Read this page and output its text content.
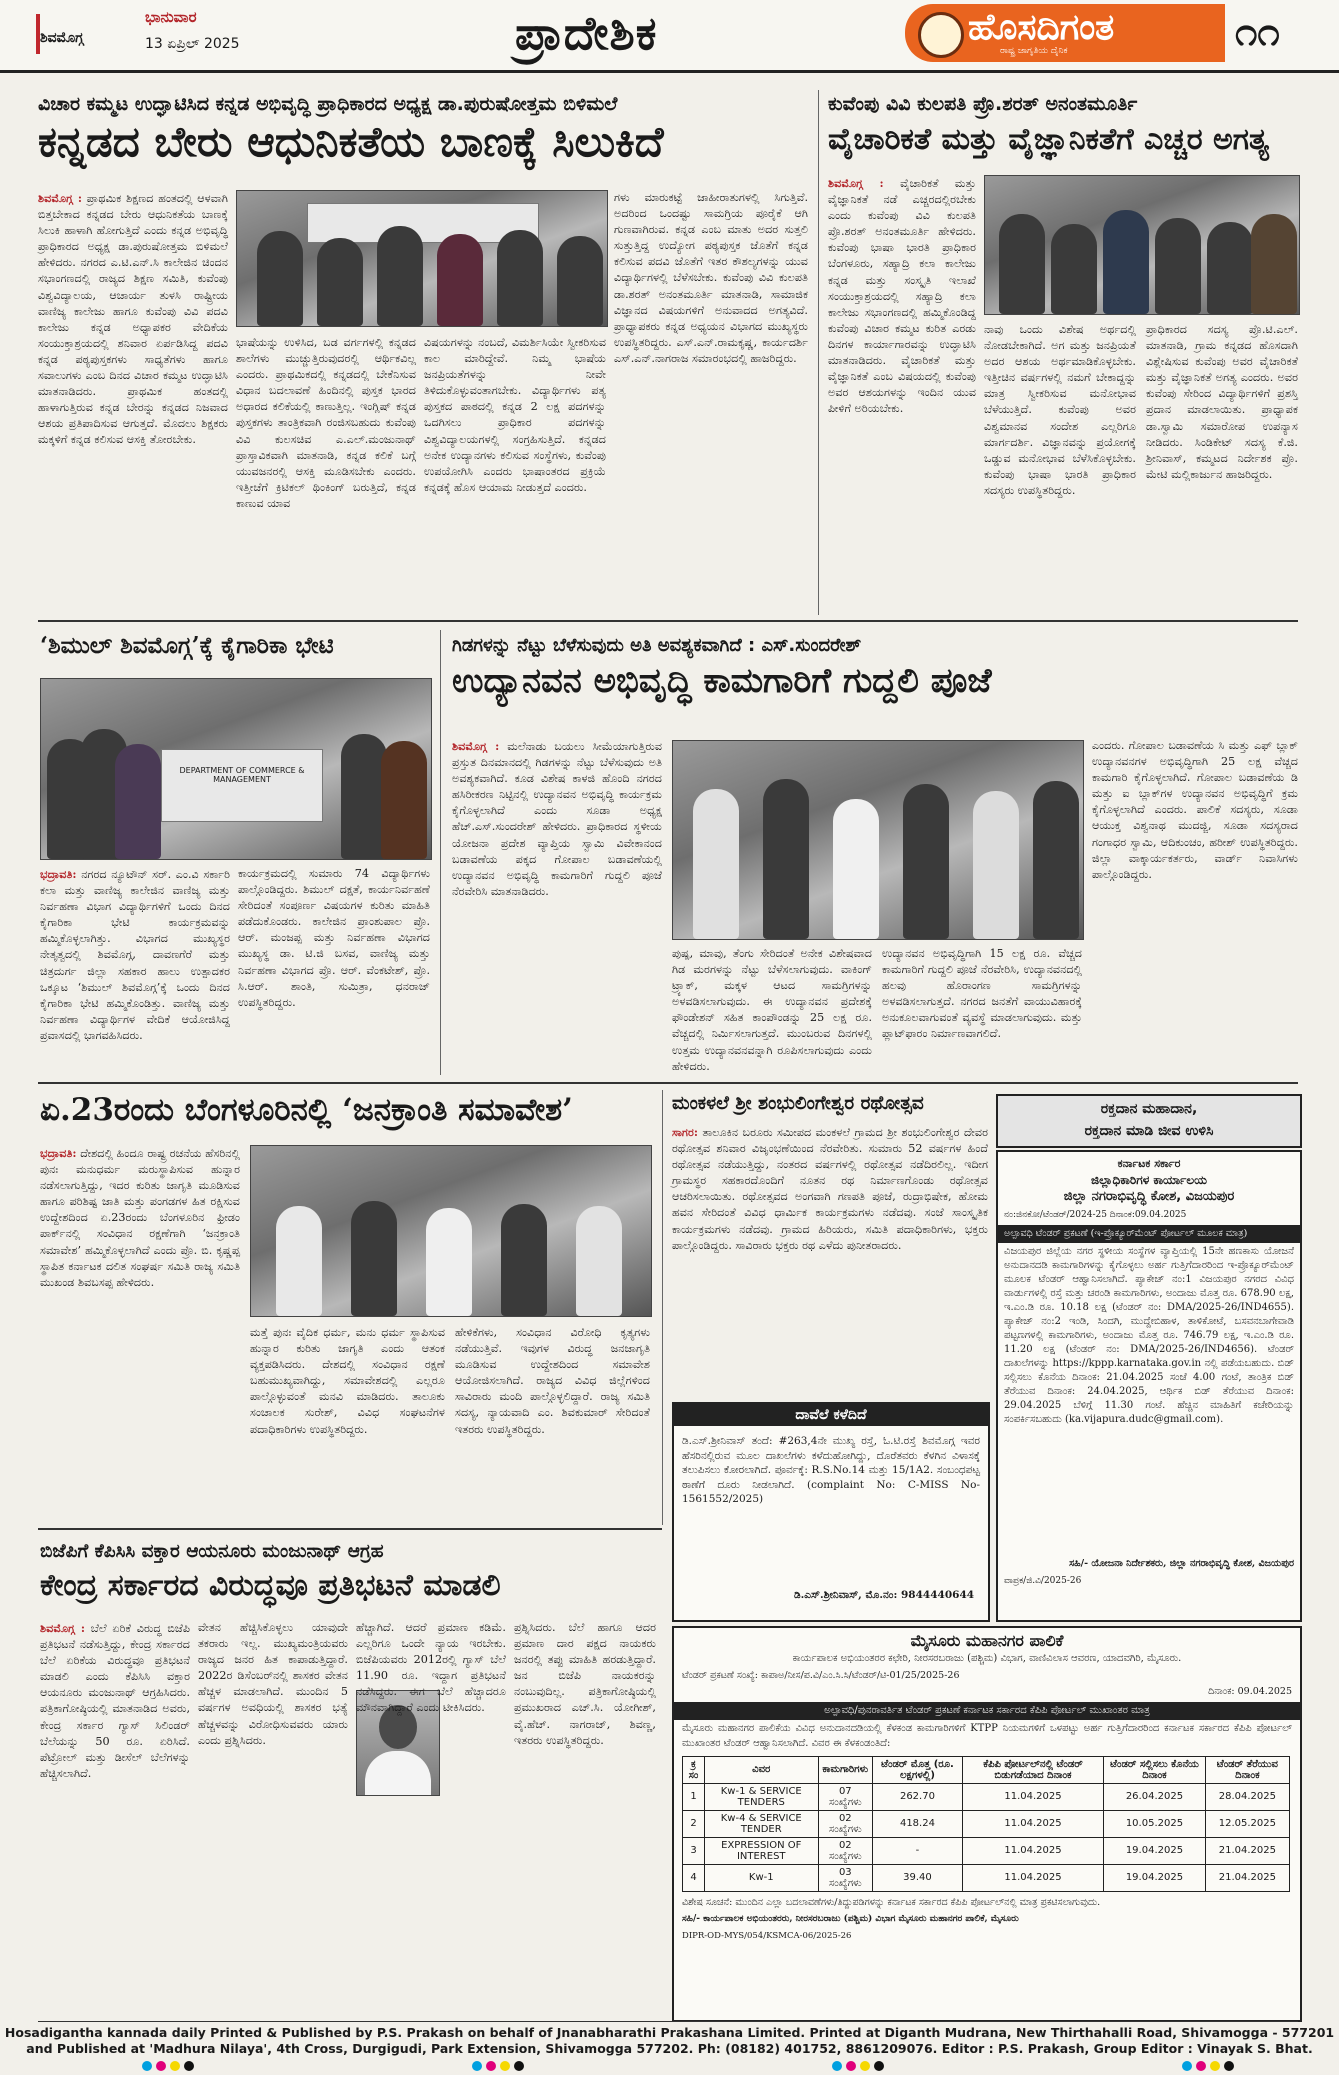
ಶಿವಮೊಗ್ಗ
ಭಾನುವಾರ
13 ಏಪ್ರಿಲ್ 2025	ಪ್ರಾದೇಶಿಕ	ಹೊಸದಿಗಂತ
ರಾಷ್ಟ್ರ ಜಾಗೃತಿಯ ದೈನಿಕ	೧೧
ವಿಚಾರ ಕಮ್ಮಟ ಉದ್ಘಾಟಿಸಿದ ಕನ್ನಡ ಅಭಿವೃದ್ಧಿ ಪ್ರಾಧಿಕಾರದ ಅಧ್ಯಕ್ಷ ಡಾ.ಪುರುಷೋತ್ತಮ ಬಿಳಿಮಲೆ
ಕನ್ನಡದ ಬೇರು ಆಧುನಿಕತೆಯ ಬಾಣಕ್ಕೆ ಸಿಲುಕಿದೆ
ಶಿವಮೊಗ್ಗ : ಪ್ರಾಥಮಿಕ ಶಿಕ್ಷಣದ ಹಂತದಲ್ಲಿ ಆಳವಾಗಿ ಬಿತ್ತಬೇಕಾದ ಕನ್ನಡದ ಬೇರು ಆಧುನಿಕತೆಯ ಬಾಣಕ್ಕೆ ಸಿಲುಕಿ ಹಾಳಾಗಿ ಹೋಗುತ್ತಿದೆ ಎಂದು ಕನ್ನಡ ಅಭಿವೃದ್ಧಿ ಪ್ರಾಧಿಕಾರದ ಅಧ್ಯಕ್ಷ ಡಾ.ಪುರುಷೋತ್ತಮ ಬಿಳಿಮಲೆ ಹೇಳಿದರು. ನಗರದ ಎ.ಟಿ.ಎನ್.ಸಿ ಕಾಲೇಜಿನ ಚಿಂದನ ಸಭಾಂಗಣದಲ್ಲಿ ರಾಜ್ಯದ ಶಿಕ್ಷಣ ಸಮಿತಿ, ಕುವೆಂಪು ವಿಶ್ವವಿದ್ಯಾಲಯ, ಆಚಾರ್ಯ ತುಳಸಿ ರಾಷ್ಟ್ರೀಯ ವಾಣಿಜ್ಯ ಕಾಲೇಜು ಹಾಗೂ ಕುವೆಂಪು ವಿವಿ ಪದವಿ ಕಾಲೇಜು ಕನ್ನಡ ಅಧ್ಯಾಪಕರ ವೇದಿಕೆಯ ಸಂಯುಕ್ತಾಶ್ರಯದಲ್ಲಿ ಶನಿವಾರ ಏರ್ಪಡಿಸಿದ್ದ ಪದವಿ ಕನ್ನಡ ಪಠ್ಯಪುಸ್ತಕಗಳು ಸಾಧ್ಯತೆಗಳು ಹಾಗೂ ಸವಾಲುಗಳು ಎಂಬ ದಿನದ ವಿಚಾರ ಕಮ್ಮಟ ಉದ್ಘಾಟಿಸಿ ಮಾತನಾಡಿದರು. ಪ್ರಾಥಮಿಕ ಹಂತದಲ್ಲಿ ಹಾಳಾಗುತ್ತಿರುವ ಕನ್ನಡ ಬೇರನ್ನು ಕನ್ನಡದ ನಿಜವಾದ ಆಶಯ ಪ್ರತಿಪಾದಿಸುವ ಆಗುತ್ತದೆ. ಮೊದಲು ಶಿಕ್ಷಕರು ಮಕ್ಕಳಿಗೆ ಕನ್ನಡ ಕಲಿಸುವ ಆಸಕ್ತಿ ತೋರಬೇಕು.
ಭಾಷೆಯನ್ನು ಉಳಿಸಿದ, ಬಡ ವರ್ಗಗಳಲ್ಲಿ ಕನ್ನಡದ ಶಾಲೆಗಳು ಮುಚ್ಚುತ್ತಿರುವುದರಲ್ಲಿ ಆರ್ಥಿಕವಿಲ್ಲ ಎಂದರು. ಪ್ರಾಥಮಿಕದಲ್ಲಿ ಕನ್ನಡದಲ್ಲಿ ಬೇಕೆನಿಸುವ ವಿಧಾನ ಬದಲಾವಣೆ ಹಿಂದಿನಲ್ಲಿ ಪುಸ್ತಕ ಭಾರದ ಅಧಾರದ ಕಲಿಕೆಯಲ್ಲಿ ಕಾಣುತ್ತಿಲ್ಲ. ಇಂಗ್ಲಿಷ್ ಕನ್ನಡ ಪುಸ್ತಕಗಳು ತಾಂತ್ರಿಕವಾಗಿ ರಂಜಿಸಬಹುದು ಕುವೆಂಪು ವಿವಿ ಕುಲಸಚಿವ ಎ.ಎಲ್.ಮಂಜುನಾಥ್ ಪ್ರಾಸ್ತಾವಿಕವಾಗಿ ಮಾತನಾಡಿ, ಕನ್ನಡ ಕಲಿಕೆ ಬಗ್ಗೆ ಯುವಜನರಲ್ಲಿ ಆಸಕ್ತಿ ಮೂಡಿಸಬೇಕು ಎಂದರು. ಇತ್ತೀಚೆಗೆ ಕ್ರಿಟಿಕಲ್ ಥಿಂಕಿಂಗ್ ಬರುತ್ತಿದೆ, ಕನ್ನಡ ಕಾಣುವ ಯಾವ
ವಿಷಯಗಳನ್ನು ನಂಬದೆ, ವಿಮರ್ಶಿಸಿಯೇ ಸ್ವೀಕರಿಸುವ ಕಾಲ ಮಾರಿದ್ದೇವೆ. ನಿಮ್ಮ ಭಾಷೆಯ ಜನಪ್ರಿಯತೆಗಳನ್ನು ನೀವೇ ತಿಳಿದುಕೊಳ್ಳುವಂತಾಗಬೇಕು. ವಿದ್ಯಾರ್ಥಿಗಳು ಪತ್ಯ ಪುಸ್ತಕದ ಪಾಠದಲ್ಲಿ ಕನ್ನಡ 2 ಲಕ್ಷ ಪದಗಳನ್ನು ಒದಗಿಸಲು ಪ್ರಾಧಿಕಾರ ಪದಗಳನ್ನು ವಿಶ್ವವಿದ್ಯಾಲಯಗಳಲ್ಲಿ ಸಂಗ್ರಹಿಸುತ್ತಿದೆ. ಕನ್ನಡದ ಅನೇಕ ಉದ್ಯಾನಗಳು ಕಲಿಸುವ ಸಂಸ್ಥೆಗಳು, ಕುವೆಂಪು ಉಪಯೋಗಿಸಿ ಎಂದರು ಭಾಷಾಂತರದ ಪ್ರಕ್ರಿಯೆ ಕನ್ನಡಕ್ಕೆ ಹೊಸ ಆಯಾಮ ನೀಡುತ್ತದೆ ಎಂದರು.
ಗಳು ಮಾರುಕಟ್ಟೆ ಜಾಹೀರಾತುಗಳಲ್ಲಿ ಸಿಗುತ್ತಿವೆ. ಅದರಿಂದ ಒಂದಷ್ಟು ಸಾಮಗ್ರಿಯ ಪೂರೈಕೆ ಆಗಿ ಗುಣವಾಗಿರುವ. ಕನ್ನಡ ಎಂಬ ಮಾತು ಅದರ ಸುತ್ತಲಿ ಸುತ್ತುತ್ತಿದ್ದ ಉದ್ಯೋಗ ಪಠ್ಯಪುಸ್ತಕ ಜೊತೆಗೆ ಕನ್ನಡ ಕಲಿಸುವ ಪದವಿ ಜೊತೆಗೆ ಇತರ ಕೌಶಲ್ಯಗಳನ್ನು ಯುವ ವಿದ್ಯಾರ್ಥಿಗಳಲ್ಲಿ ಬೆಳೆಸಬೇಕು. ಕುವೆಂಪು ವಿವಿ ಕುಲಪತಿ ಡಾ.ಶರತ್ ಅನಂತಮೂರ್ತಿ ಮಾತನಾಡಿ, ಸಾಮಾಜಿಕ ವಿಜ್ಞಾನದ ವಿಷಯಗಳಿಗೆ ಅನುವಾದದ ಅಗತ್ಯವಿದೆ. ಪ್ರಾಧ್ಯಾಪಕರು ಕನ್ನಡ ಅಧ್ಯಯನ ವಿಭಾಗದ ಮುಖ್ಯಸ್ಥರು ಉಪಸ್ಥಿತರಿದ್ದರು. ಎಸ್.ಎನ್.ರಾಮಕೃಷ್ಣ, ಕಾರ್ಯದರ್ಶಿ ಎಸ್.ಎನ್.ನಾಗರಾಜ ಸಮಾರಂಭದಲ್ಲಿ ಹಾಜರಿದ್ದರು.
ಕುವೆಂಪು ವಿವಿ ಕುಲಪತಿ ಪ್ರೊ.ಶರತ್ ಅನಂತಮೂರ್ತಿ
ವೈಚಾರಿಕತೆ ಮತ್ತು ವೈಜ್ಞಾನಿಕತೆಗೆ ಎಚ್ಚರ ಅಗತ್ಯ
ಶಿವಮೊಗ್ಗ : ವೈಚಾರಿಕತೆ ಮತ್ತು ವೈಜ್ಞಾನಿಕತೆ ನಡೆ ಎಚ್ಚರದಲ್ಲಿರಬೇಕು ಎಂದು ಕುವೆಂಪು ವಿವಿ ಕುಲಪತಿ ಪ್ರೊ.ಶರತ್ ಅನಂತಮೂರ್ತಿ ಹೇಳಿದರು. ಕುವೆಂಪು ಭಾಷಾ ಭಾರತಿ ಪ್ರಾಧಿಕಾರ ಬೆಂಗಳೂರು, ಸಹ್ಯಾದ್ರಿ ಕಲಾ ಕಾಲೇಜು ಕನ್ನಡ ಮತ್ತು ಸಂಸ್ಕೃತಿ ಇಲಾಖೆ ಸಂಯುಕ್ತಾಶ್ರಯದಲ್ಲಿ ಸಹ್ಯಾದ್ರಿ ಕಲಾ ಕಾಲೇಜು ಸಭಾಂಗಣದಲ್ಲಿ ಹಮ್ಮಿಕೊಂಡಿದ್ದ ಕುವೆಂಪು ವಿಚಾರ ಕಮ್ಮಟ ಕುರಿತ ಎರಡು ದಿನಗಳ ಕಾರ್ಯಾಗಾರವನ್ನು ಉದ್ಘಾಟಿಸಿ ಮಾತನಾಡಿದರು. ವೈಚಾರಿಕತೆ ಮತ್ತು ವೈಜ್ಞಾನಿಕತೆ ಎಂಬ ವಿಷಯದಲ್ಲಿ ಕುವೆಂಪು ಅವರ ಆಶಯಗಳನ್ನು ಇಂದಿನ ಯುವ ಪೀಳಿಗೆ ಅರಿಯಬೇಕು.
ನಾವು ಒಂದು ವಿಶೇಷ ಅರ್ಥದಲ್ಲಿ ನೋಡಬೇಕಾಗಿದೆ. ಅಗ ಮತ್ತು ಜನಪ್ರಿಯತೆ ಅದರ ಆಶಯ ಅರ್ಥಮಾಡಿಕೊಳ್ಳಬೇಕು. ಇತ್ತೀಚಿನ ವರ್ಷಗಳಲ್ಲಿ ನಮಗೆ ಬೇಕಾದ್ದನ್ನು ಮಾತ್ರ ಸ್ವೀಕರಿಸುವ ಮನೋಭಾವ ಬೆಳೆಯುತ್ತಿದೆ. ಕುವೆಂಪು ಅವರ ವಿಶ್ವಮಾನವ ಸಂದೇಶ ಎಲ್ಲರಿಗೂ ಮಾರ್ಗದರ್ಶಿ. ವಿಜ್ಞಾನವನ್ನು ಪ್ರಯೋಗಕ್ಕೆ ಒಡ್ಡುವ ಮನೋಭಾವ ಬೆಳೆಸಿಕೊಳ್ಳಬೇಕು. ಕುವೆಂಪು ಭಾಷಾ ಭಾರತಿ ಪ್ರಾಧಿಕಾರ ಸದಸ್ಯರು ಉಪಸ್ಥಿತರಿದ್ದರು.
ಪ್ರಾಧಿಕಾರದ ಸದಸ್ಯ ಪ್ರೊ.ಟಿ.ಎಲ್. ಮಾತನಾಡಿ, ಗ್ರಾಮ ಕನ್ನಡದ ಹೊಸದಾಗಿ ವಿಶ್ಲೇಷಿಸುವ ಕುವೆಂಪು ಅವರ ವೈಚಾರಿಕತೆ ಮತ್ತು ವೈಜ್ಞಾನಿಕತೆ ಅಗತ್ಯ ಎಂದರು. ಅವರ ಕುವೆಂಪು ಸೇರಿಂದ ವಿದ್ಯಾರ್ಥಿಗಳಿಗೆ ಪ್ರಶಸ್ತಿ ಪ್ರದಾನ ಮಾಡಲಾಯಿತು. ಪ್ರಾಧ್ಯಾಪಕ ಡಾ.ಸ್ವಾಮಿ ಸಮಾರೋಪ ಉಪನ್ಯಾಸ ನೀಡಿದರು. ಸಿಂಡಿಕೇಟ್ ಸದಸ್ಯ ಕೆ.ಜಿ. ಶ್ರೀನಿವಾಸ್, ಕಮ್ಮಟದ ನಿರ್ದೇಶಕ ಪ್ರೊ. ಮೇಟಿ ಮಲ್ಲಿಕಾರ್ಜುನ ಹಾಜರಿದ್ದರು.
‘ಶಿಮುಲ್ ಶಿವಮೊಗ್ಗ’ಕ್ಕೆ ಕೈಗಾರಿಕಾ ಭೇಟಿ
DEPARTMENT OF COMMERCE & MANAGEMENT
ಭದ್ರಾವತಿ: ನಗರದ ನ್ಯೂಟೌನ್ ಸರ್. ಎಂ.ವಿ ಸರ್ಕಾರಿ ಕಲಾ ಮತ್ತು ವಾಣಿಜ್ಯ ಕಾಲೇಜಿನ ವಾಣಿಜ್ಯ ಮತ್ತು ನಿರ್ವಹಣಾ ವಿಭಾಗ ವಿದ್ಯಾರ್ಥಿಗಳಿಗೆ ಒಂದು ದಿನದ ಕೈಗಾರಿಕಾ ಭೇಟಿ ಕಾರ್ಯಕ್ರಮವನ್ನು ಹಮ್ಮಿಕೊಳ್ಳಲಾಗಿತ್ತು. ವಿಭಾಗದ ಮುಖ್ಯಸ್ಥರ ನೇತೃತ್ವದಲ್ಲಿ ಶಿವಮೊಗ್ಗ, ದಾವಣಗೆರೆ ಮತ್ತು ಚಿತ್ರದುರ್ಗ ಜಿಲ್ಲಾ ಸಹಕಾರ ಹಾಲು ಉತ್ಪಾದಕರ ಒಕ್ಕೂಟ ‘ಶಿಮುಲ್ ಶಿವಮೊಗ್ಗ’ಕ್ಕೆ ಒಂದು ದಿನದ ಕೈಗಾರಿಕಾ ಭೇಟಿ ಹಮ್ಮಿಕೊಂಡಿತ್ತು. ವಾಣಿಜ್ಯ ಮತ್ತು ನಿರ್ವಹಣಾ ವಿದ್ಯಾರ್ಥಿಗಳ ವೇದಿಕೆ ಆಯೋಜಿಸಿದ್ದ ಪ್ರವಾಸದಲ್ಲಿ ಭಾಗವಹಿಸಿದರು.
ಕಾರ್ಯಕ್ರಮದಲ್ಲಿ ಸುಮಾರು 74 ವಿದ್ಯಾರ್ಥಿಗಳು ಪಾಲ್ಗೊಂಡಿದ್ದರು. ಶಿಮುಲ್ ದಕ್ಷತೆ, ಕಾರ್ಯನಿರ್ವಹಣೆ ಸೇರಿದಂತೆ ಸಂಪೂರ್ಣ ವಿಷಯಗಳ ಕುರಿತು ಮಾಹಿತಿ ಪಡೆದುಕೊಂಡರು. ಕಾಲೇಜಿನ ಪ್ರಾಂಶುಪಾಲ ಪ್ರೊ. ಆರ್. ಮಂಜಪ್ಪ ಮತ್ತು ನಿರ್ವಹಣಾ ವಿಭಾಗದ ಮುಖ್ಯಸ್ಥ ಡಾ. ಟಿ.ಜಿ ಬಸವ, ವಾಣಿಜ್ಯ ಮತ್ತು ನಿರ್ವಹಣಾ ವಿಭಾಗದ ಪ್ರೊ. ಆರ್. ವೆಂಕಟೇಶ್, ಪ್ರೊ. ಸಿ.ಆರ್. ಶಾಂತಿ, ಸುಮಿತ್ರಾ, ಧನರಾಜ್ ಉಪಸ್ಥಿತರಿದ್ದರು.
ಗಿಡಗಳನ್ನು ನೆಟ್ಟು ಬೆಳೆಸುವುದು ಅತಿ ಅವಶ್ಯಕವಾಗಿದೆ : ಎಸ್.ಸುಂದರೇಶ್
ಉದ್ಯಾನವನ ಅಭಿವೃದ್ಧಿ ಕಾಮಗಾರಿಗೆ ಗುದ್ದಲಿ ಪೂಜೆ
ಶಿವಮೊಗ್ಗ : ಮಲೆನಾಡು ಬಯಲು ಸೀಮೆಯಾಗುತ್ತಿರುವ ಪ್ರಸ್ತುತ ದಿನಮಾನದಲ್ಲಿ ಗಿಡಗಳನ್ನು ನೆಟ್ಟು ಬೆಳೆಸುವುದು ಅತಿ ಅವಶ್ಯಕವಾಗಿದೆ. ಕೂಡ ವಿಶೇಷ ಕಾಳಜಿ ಹೊಂದಿ ನಗರದ ಹಸಿರೀಕರಣ ನಿಟ್ಟಿನಲ್ಲಿ ಉದ್ಯಾನವನ ಅಭಿವೃದ್ಧಿ ಕಾರ್ಯಕ್ರಮ ಕೈಗೊಳ್ಳಲಾಗಿದೆ ಎಂದು ಸೂಡಾ ಅಧ್ಯಕ್ಷ ಹೆಚ್.ಎಸ್.ಸುಂದರೇಶ್ ಹೇಳಿದರು. ಪ್ರಾಧಿಕಾರದ ಸ್ಥಳೀಯ ಯೋಜನಾ ಪ್ರದೇಶ ವ್ಯಾಪ್ತಿಯ ಸ್ವಾಮಿ ವಿವೇಕಾನಂದ ಬಡಾವಣೆಯ ಪಕ್ಕದ ಗೋಪಾಲ ಬಡಾವಣೆಯಲ್ಲಿ ಉದ್ಯಾನವನ ಅಭಿವೃದ್ಧಿ ಕಾಮಗಾರಿಗೆ ಗುದ್ದಲಿ ಪೂಜೆ ನೆರವೇರಿಸಿ ಮಾತನಾಡಿದರು.
ಪುಷ್ಪ, ಮಾವು, ತೆಂಗು ಸೇರಿದಂತೆ ಅನೇಕ ವಿಶೇಷವಾದ ಗಿಡ ಮರಗಳನ್ನು ನೆಟ್ಟು ಬೆಳೆಸಲಾಗುವುದು. ವಾಕಿಂಗ್ ಟ್ರ್ಯಾಕ್, ಮಕ್ಕಳ ಆಟದ ಸಾಮಗ್ರಿಗಳನ್ನು ಅಳವಡಿಸಲಾಗುವುದು. ಈ ಉದ್ಯಾನವನ ಪ್ರದೇಶಕ್ಕೆ ಫೌಂಡೇಶನ್ ಸಹಿತ ಕಾಂಪೌಂಡನ್ನು 25 ಲಕ್ಷ ರೂ. ವೆಚ್ಚದಲ್ಲಿ ನಿರ್ಮಿಸಲಾಗುತ್ತದೆ. ಮುಂಬರುವ ದಿನಗಳಲ್ಲಿ ಉತ್ತಮ ಉದ್ಯಾನವನವನ್ನಾಗಿ ರೂಪಿಸಲಾಗುವುದು ಎಂದು ಹೇಳಿದರು.
ಉದ್ಯಾನವನ ಅಭಿವೃದ್ಧಿಗಾಗಿ 15 ಲಕ್ಷ ರೂ. ವೆಚ್ಚದ ಕಾಮಗಾರಿಗೆ ಗುದ್ದಲಿ ಪೂಜೆ ನೆರವೇರಿಸಿ, ಉದ್ಯಾನವನದಲ್ಲಿ ಹಲವು ಹೊರಾಂಗಣ ಸಾಮಗ್ರಿಗಳನ್ನು ಅಳವಡಿಸಲಾಗುತ್ತದೆ. ನಗರದ ಜನತೆಗೆ ವಾಯುವಿಹಾರಕ್ಕೆ ಅನುಕೂಲವಾಗುವಂತೆ ವ್ಯವಸ್ಥೆ ಮಾಡಲಾಗುವುದು. ಮತ್ತು ಪ್ಲಾಟ್‌ಫಾರಂ ನಿರ್ಮಾಣವಾಗಲಿದೆ.
ಎಂದರು. ಗೋಪಾಲ ಬಡಾವಣೆಯ ಸಿ ಮತ್ತು ಎಫ್ ಬ್ಲಾಕ್ ಉದ್ಯಾನವನಗಳ ಅಭಿವೃದ್ಧಿಗಾಗಿ 25 ಲಕ್ಷ ವೆಚ್ಚದ ಕಾಮಗಾರಿ ಕೈಗೊಳ್ಳಲಾಗಿದೆ. ಗೋಪಾಲ ಬಡಾವಣೆಯ ಡಿ ಮತ್ತು ಐ ಬ್ಲಾಕ್‌ಗಳ ಉದ್ಯಾನವನ ಅಭಿವೃದ್ಧಿಗೆ ಕ್ರಮ ಕೈಗೊಳ್ಳಲಾಗಿದೆ ಎಂದರು. ಪಾಲಿಕೆ ಸದಸ್ಯರು, ಸೂಡಾ ಆಯುಕ್ತ ವಿಶ್ವನಾಥ ಮುದಜ್ಜಿ, ಸೂಡಾ ಸದಸ್ಯರಾದ ಗಂಗಾಧರ ಸ್ವಾಮಿ, ಆದಿಕುಂಚಂ, ಹರೀಶ್ ಉಪಸ್ಥಿತರಿದ್ದರು. ಜಿಲ್ಲಾ ವಾಕ್ಕಾರ್ಯಕರ್ತರು, ವಾರ್ಡ್ ನಿವಾಸಿಗಳು ಪಾಲ್ಗೊಂಡಿದ್ದರು.
ಏ.23ರಂದು ಬೆಂಗಳೂರಿನಲ್ಲಿ ‘ಜನಕ್ರಾಂತಿ ಸಮಾವೇಶ’
ಭದ್ರಾವತಿ: ದೇಶದಲ್ಲಿ ಹಿಂದೂ ರಾಷ್ಟ್ರ ರಚನೆಯ ಹೆಸರಿನಲ್ಲಿ ಪುನಃ ಮನುಧರ್ಮ ಮರುಸ್ಥಾಪಿಸುವ ಹುನ್ನಾರ ನಡೆಸಲಾಗುತ್ತಿದ್ದು, ಇದರ ಕುರಿತು ಜಾಗೃತಿ ಮೂಡಿಸುವ ಹಾಗೂ ಪರಿಶಿಷ್ಟ ಜಾತಿ ಮತ್ತು ಪಂಗಡಗಳ ಹಿತ ರಕ್ಷಿಸುವ ಉದ್ದೇಶದಿಂದ ಏ.23ರಂದು ಬೆಂಗಳೂರಿನ ಫ್ರೀಡಂ ಪಾರ್ಕ್‌ನಲ್ಲಿ ಸಂವಿಧಾನ ರಕ್ಷಣೆಗಾಗಿ ‘ಜನಕ್ರಾಂತಿ ಸಮಾವೇಶ’ ಹಮ್ಮಿಕೊಳ್ಳಲಾಗಿದೆ ಎಂದು ಪ್ರೊ. ಬಿ. ಕೃಷ್ಣಪ್ಪ ಸ್ಥಾಪಿತ ಕರ್ನಾಟಕ ದಲಿತ ಸಂಘರ್ಷ ಸಮಿತಿ ರಾಜ್ಯ ಸಮಿತಿ ಮುಖಂಡ ಶಿವಬಸಪ್ಪ ಹೇಳಿದರು.
ಮತ್ತೆ ಪುನಃ ವೈದಿಕ ಧರ್ಮ, ಮನು ಧರ್ಮ ಸ್ಥಾಪಿಸುವ ಹುನ್ನಾರ ಕುರಿತು ಜಾಗೃತಿ ಎಂದು ಆತಂಕ ವ್ಯಕ್ತಪಡಿಸಿದರು. ದೇಶದಲ್ಲಿ ಸಂವಿಧಾನ ರಕ್ಷಣೆ ಬಹುಮುಖ್ಯವಾಗಿದ್ದು, ಸಮಾವೇಶದಲ್ಲಿ ಎಲ್ಲರೂ ಪಾಲ್ಗೊಳ್ಳುವಂತೆ ಮನವಿ ಮಾಡಿದರು. ತಾಲೂಕು ಸಂಚಾಲಕ ಸುರೇಶ್, ವಿವಿಧ ಸಂಘಟನೆಗಳ ಪದಾಧಿಕಾರಿಗಳು ಉಪಸ್ಥಿತರಿದ್ದರು.
ಹೇಳಿಕೆಗಳು, ಸಂವಿಧಾನ ವಿರೋಧಿ ಕೃತ್ಯಗಳು ನಡೆಯುತ್ತಿವೆ. ಇವುಗಳ ವಿರುದ್ಧ ಜನಜಾಗೃತಿ ಮೂಡಿಸುವ ಉದ್ದೇಶದಿಂದ ಸಮಾವೇಶ ಆಯೋಜಿಸಲಾಗಿದೆ. ರಾಜ್ಯದ ವಿವಿಧ ಜಿಲ್ಲೆಗಳಿಂದ ಸಾವಿರಾರು ಮಂದಿ ಪಾಲ್ಗೊಳ್ಳಲಿದ್ದಾರೆ. ರಾಜ್ಯ ಸಮಿತಿ ಸದಸ್ಯ, ನ್ಯಾಯವಾದಿ ಎಂ. ಶಿವಕುಮಾರ್ ಸೇರಿದಂತೆ ಇತರರು ಉಪಸ್ಥಿತರಿದ್ದರು.
ಮಂಕಳಲೆ ಶ್ರೀ ಶಂಭುಲಿಂಗೇಶ್ವರ ರಥೋತ್ಸವ
ಸಾಗರ: ತಾಲೂಕಿನ ಬರೂರು ಸಮೀಪದ ಮಂಕಳಲೆ ಗ್ರಾಮದ ಶ್ರೀ ಶಂಭುಲಿಂಗೇಶ್ವರ ದೇವರ ರಥೋತ್ಸವ ಶನಿವಾರ ವಿಜೃಂಭಣೆಯಿಂದ ನೆರವೇರಿತು. ಸುಮಾರು 52 ವರ್ಷಗಳ ಹಿಂದೆ ರಥೋತ್ಸವ ನಡೆಯುತ್ತಿದ್ದು, ನಂತರದ ವರ್ಷಗಳಲ್ಲಿ ರಥೋತ್ಸವ ನಡೆದಿರಲಿಲ್ಲ. ಇದೀಗ ಗ್ರಾಮಸ್ಥರ ಸಹಕಾರದೊಂದಿಗೆ ನೂತನ ರಥ ನಿರ್ಮಾಣಗೊಂಡು ರಥೋತ್ಸವ ಆಚರಿಸಲಾಯಿತು. ರಥೋತ್ಸವದ ಅಂಗವಾಗಿ ಗಣಪತಿ ಪೂಜೆ, ರುದ್ರಾಭಿಷೇಕ, ಹೋಮ ಹವನ ಸೇರಿದಂತೆ ವಿವಿಧ ಧಾರ್ಮಿಕ ಕಾರ್ಯಕ್ರಮಗಳು ನಡೆದವು. ಸಂಜೆ ಸಾಂಸ್ಕೃತಿಕ ಕಾರ್ಯಕ್ರಮಗಳು ನಡೆದವು. ಗ್ರಾಮದ ಹಿರಿಯರು, ಸಮಿತಿ ಪದಾಧಿಕಾರಿಗಳು, ಭಕ್ತರು ಪಾಲ್ಗೊಂಡಿದ್ದರು. ಸಾವಿರಾರು ಭಕ್ತರು ರಥ ಎಳೆದು ಪುನೀತರಾದರು.
ದಾವೆಲೆ ಕಳೆದಿದೆ
ಡಿ.ಎಸ್.ಶ್ರೀನಿವಾಸ್ ತಂದೆ: #263,4ನೇ ಮುಖ್ಯ ರಸ್ತೆ, ಓ.ಟಿ.ರಸ್ತೆ ಶಿವಮೊಗ್ಗ ಇವರ ಹೆಸರಿನಲ್ಲಿರುವ ಮೂಲ ದಾಖಲೆಗಳು ಕಳೆದುಹೋಗಿದ್ದು, ದೊರೆತವರು ಕೆಳಗಿನ ವಿಳಾಸಕ್ಕೆ ತಲುಪಿಸಲು ಕೋರಲಾಗಿದೆ. ಪೂರ್ವಕ್ಕೆ: R.S.No.14 ಮತ್ತು 15/1A2. ಸಂಬಂಧಪಟ್ಟ ಠಾಣೆಗೆ ದೂರು ನೀಡಲಾಗಿದೆ. (complaint No: C-MISS No-1561552/2025)
ಡಿ.ಎಸ್.ಶ್ರೀನಿವಾಸ್, ಮೊ.ನಂ: 9844440644
ರಕ್ತದಾನ ಮಹಾದಾನ,
ರಕ್ತದಾನ ಮಾಡಿ ಜೀವ ಉಳಿಸಿ
ಕರ್ನಾಟಕ ಸರ್ಕಾರ
ಜಿಲ್ಲಾಧಿಕಾರಿಗಳ ಕಾರ್ಯಾಲಯ
ಜಿಲ್ಲಾ ನಗರಾಭಿವೃದ್ಧಿ ಕೋಶ, ವಿಜಯಪುರ
ನಂ:ಜಿನಕೋ/ಟೆಂಡರ್/2024-25 ದಿನಾಂಕ:09.04.2025
ಅಲ್ಪಾವಧಿ ಟೆಂಡರ್ ಪ್ರಕಟಣೆ (ಇ-ಪ್ರೊಕ್ಯೂರ್‌ಮೆಂಟ್ ಪೋರ್ಟಲ್ ಮೂಲಕ ಮಾತ್ರ)
ವಿಜಯಪುರ ಜಿಲ್ಲೆಯ ನಗರ ಸ್ಥಳೀಯ ಸಂಸ್ಥೆಗಳ ವ್ಯಾಪ್ತಿಯಲ್ಲಿ 15ನೇ ಹಣಕಾಸು ಯೋಜನೆ ಅನುದಾನದಡಿ ಕಾಮಗಾರಿಗಳನ್ನು ಕೈಗೊಳ್ಳಲು ಅರ್ಹ ಗುತ್ತಿಗೆದಾರರಿಂದ ಇ-ಪ್ರೊಕ್ಯೂರ್‌ಮೆಂಟ್ ಮೂಲಕ ಟೆಂಡರ್ ಆಹ್ವಾನಿಸಲಾಗಿದೆ. ಪ್ಯಾಕೇಜ್ ನಂ:1 ವಿಜಯಪುರ ನಗರದ ವಿವಿಧ ವಾರ್ಡುಗಳಲ್ಲಿ ರಸ್ತೆ ಮತ್ತು ಚರಂಡಿ ಕಾಮಗಾರಿಗಳು, ಅಂದಾಜು ಮೊತ್ತ ರೂ. 678.90 ಲಕ್ಷ, ಇ.ಎಂ.ಡಿ ರೂ. 10.18 ಲಕ್ಷ (ಟೆಂಡರ್ ನಂ: DMA/2025-26/IND4655). ಪ್ಯಾಕೇಜ್ ನಂ:2 ಇಂಡಿ, ಸಿಂದಗಿ, ಮುದ್ದೇಬಿಹಾಳ, ತಾಳಿಕೋಟೆ, ಬಸವನಬಾಗೇವಾಡಿ ಪಟ್ಟಣಗಳಲ್ಲಿ ಕಾಮಗಾರಿಗಳು, ಅಂದಾಜು ಮೊತ್ತ ರೂ. 746.79 ಲಕ್ಷ, ಇ.ಎಂ.ಡಿ ರೂ. 11.20 ಲಕ್ಷ (ಟೆಂಡರ್ ನಂ: DMA/2025-26/IND4656). ಟೆಂಡರ್ ದಾಖಲೆಗಳನ್ನು https://kppp.karnataka.gov.in ನಲ್ಲಿ ಪಡೆಯಬಹುದು. ಬಿಡ್ ಸಲ್ಲಿಸಲು ಕೊನೆಯ ದಿನಾಂಕ: 21.04.2025 ಸಂಜೆ 4.00 ಗಂಟೆ, ತಾಂತ್ರಿಕ ಬಿಡ್ ತೆರೆಯುವ ದಿನಾಂಕ: 24.04.2025, ಆರ್ಥಿಕ ಬಿಡ್ ತೆರೆಯುವ ದಿನಾಂಕ: 29.04.2025 ಬೆಳಿಗ್ಗೆ 11.30 ಗಂಟೆ. ಹೆಚ್ಚಿನ ಮಾಹಿತಿಗೆ ಕಚೇರಿಯನ್ನು ಸಂಪರ್ಕಿಸಬಹುದು (ka.vijapura.dudc@gmail.com).
ಸಹಿ/- ಯೋಜನಾ ನಿರ್ದೇಶಕರು, ಜಿಲ್ಲಾ ನಗರಾಭಿವೃದ್ಧಿ ಕೋಶ, ವಿಜಯಪುರ
ವಾಪ್ರಕ/ಜಿ.ವಿ/2025-26
ಬಿಜೆಪಿಗೆ ಕೆಪಿಸಿಸಿ ವಕ್ತಾರ ಆಯನೂರು ಮಂಜುನಾಥ್ ಆಗ್ರಹ
ಕೇಂದ್ರ ಸರ್ಕಾರದ ವಿರುದ್ಧವೂ ಪ್ರತಿಭಟನೆ ಮಾಡಲಿ
ಶಿವಮೊಗ್ಗ : ಬೆಲೆ ಏರಿಕೆ ವಿರುದ್ಧ ಬಿಜೆಪಿ ಪ್ರತಿಭಟನೆ ನಡೆಸುತ್ತಿದ್ದು, ಕೇಂದ್ರ ಸರ್ಕಾರದ ಬೆಲೆ ಏರಿಕೆಯ ವಿರುದ್ಧವೂ ಪ್ರತಿಭಟನೆ ಮಾಡಲಿ ಎಂದು ಕೆಪಿಸಿಸಿ ವಕ್ತಾರ ಆಯನೂರು ಮಂಜುನಾಥ್ ಆಗ್ರಹಿಸಿದರು. ಪತ್ರಿಕಾಗೋಷ್ಠಿಯಲ್ಲಿ ಮಾತನಾಡಿದ ಅವರು, ಕೇಂದ್ರ ಸರ್ಕಾರ ಗ್ಯಾಸ್ ಸಿಲಿಂಡರ್ ಬೆಲೆಯನ್ನು 50 ರೂ. ಏರಿಸಿದೆ. ಪೆಟ್ರೋಲ್ ಮತ್ತು ಡೀಸೆಲ್ ಬೆಲೆಗಳನ್ನು ಹೆಚ್ಚಿಸಲಾಗಿದೆ.
ವೇತನ ಹೆಚ್ಚಿಸಿಕೊಳ್ಳಲು ಯಾವುದೇ ತಕರಾರು ಇಲ್ಲ. ಮುಖ್ಯಮಂತ್ರಿಯವರು ರಾಜ್ಯದ ಜನರ ಹಿತ ಕಾಪಾಡುತ್ತಿದ್ದಾರೆ. 2022ರ ಡಿಸೆಂಬರ್‌ನಲ್ಲಿ ಶಾಸಕರ ವೇತನ ಹೆಚ್ಚಳ ಮಾಡಲಾಗಿದೆ. ಮುಂದಿನ 5 ವರ್ಷಗಳ ಅವಧಿಯಲ್ಲಿ ಶಾಸಕರ ಭತ್ಯೆ ಹೆಚ್ಚಳವನ್ನು ವಿರೋಧಿಸುವವರು ಯಾರು ಎಂದು ಪ್ರಶ್ನಿಸಿದರು.
ಹೆಚ್ಚಾಗಿದೆ. ಆದರೆ ಪ್ರಮಾಣ ಕಡಿಮೆ. ಎಲ್ಲರಿಗೂ ಒಂದೇ ನ್ಯಾಯ ಇರಬೇಕು. ಬಿಜೆಪಿಯವರು 2012ರಲ್ಲಿ ಗ್ಯಾಸ್ ಬೆಲೆ 11.90 ರೂ. ಇದ್ದಾಗ ಪ್ರತಿಭಟನೆ ನಡೆಸಿದ್ದರು. ಈಗ ಬೆಲೆ ಹೆಚ್ಚಾದರೂ ಮೌನವಾಗಿದ್ದಾರೆ ಎಂದು ಟೀಕಿಸಿದರು.
ಪ್ರಶ್ನಿಸಿದರು. ಬೆಲೆ ಹಾಗೂ ಆದರ ಪ್ರಮಾಣ ದಾರ ಪಕ್ಷದ ನಾಯಕರು ಜನರಲ್ಲಿ ತಪ್ಪು ಮಾಹಿತಿ ಹರಡುತ್ತಿದ್ದಾರೆ. ಜನ ಬಿಜೆಪಿ ನಾಯಕರನ್ನು ನಂಬುವುದಿಲ್ಲ. ಪತ್ರಿಕಾಗೋಷ್ಠಿಯಲ್ಲಿ ಪ್ರಮುಖರಾದ ಎಚ್.ಸಿ. ಯೋಗೀಶ್, ವೈ.ಹೆಚ್. ನಾಗರಾಜ್, ಶಿವಣ್ಣ, ಇತರರು ಉಪಸ್ಥಿತರಿದ್ದರು.
ಮೈಸೂರು ಮಹಾನಗರ ಪಾಲಿಕೆ
ಕಾರ್ಯಪಾಲಕ ಅಭಿಯಂತರರ ಕಛೇರಿ, ನೀರಸರಬರಾಜು (ಪಶ್ಚಿಮ) ವಿಭಾಗ, ವಾಣಿವಿಲಾಸ ಆವರಣ, ಯಾದವಗಿರಿ, ಮೈಸೂರು.
ಟೆಂಡರ್ ಪ್ರಕಟಣೆ ಸಂಖ್ಯೆ: ಕಾಪಾಅ/ನೀಸ/ಪ.ವಿ/ಎಂ.ಸಿ.ಸಿ/ಟೆಂಡರ್/ಟಿ-01/25/2025-26
ದಿನಾಂಕ: 09.04.2025
ಅಲ್ಪಾವಧಿ/ಪುನರಾವರ್ತಿತ ಟೆಂಡರ್ ಪ್ರಕಟಣೆ ಕರ್ನಾಟಕ ಸರ್ಕಾರದ ಕೆಪಿಪಿ ಪೋರ್ಟಲ್ ಮುಖಾಂತರ ಮಾತ್ರ
ಮೈಸೂರು ಮಹಾನಗರ ಪಾಲಿಕೆಯ ವಿವಿಧ ಅನುದಾನದಡಿಯಲ್ಲಿ ಕೆಳಕಂಡ ಕಾಮಗಾರಿಗಳಿಗೆ KTPP ನಿಯಮಗಳಿಗೆ ಒಳಪಟ್ಟು ಅರ್ಹ ಗುತ್ತಿಗೆದಾರರಿಂದ ಕರ್ನಾಟಕ ಸರ್ಕಾರದ ಕೆಪಿಪಿ ಪೋರ್ಟಲ್ ಮುಖಾಂತರ ಟೆಂಡರ್ ಆಹ್ವಾನಿಸಲಾಗಿದೆ. ವಿವರ ಈ ಕೆಳಕಂಡಂತಿದೆ:
ಕ್ರ ಸಂ	ವಿವರ	ಕಾಮಗಾರಿಗಳು	ಟೆಂಡರ್ ಮೊತ್ತ (ರೂ. ಲಕ್ಷಗಳಲ್ಲಿ)	ಕೆಪಿಪಿ ಪೋರ್ಟಲ್‌ನಲ್ಲಿ ಟೆಂಡರ್ ಬಿಡುಗಡೆಯಾದ ದಿನಾಂಕ	ಟೆಂಡರ್ ಸಲ್ಲಿಸಲು ಕೊನೆಯ ದಿನಾಂಕ	ಟೆಂಡರ್ ತೆರೆಯುವ ದಿನಾಂಕ
1	Kw-1 & SERVICE TENDERS	07 ಸಂಖ್ಯೆಗಳು	262.70	11.04.2025	26.04.2025	28.04.2025
2	Kw-4 & SERVICE TENDER	02 ಸಂಖ್ಯೆಗಳು	418.24	11.04.2025	10.05.2025	12.05.2025
3	EXPRESSION OF INTEREST	02 ಸಂಖ್ಯೆಗಳು	-	11.04.2025	19.04.2025	21.04.2025
4	Kw-1	03 ಸಂಖ್ಯೆಗಳು	39.40	11.04.2025	19.04.2025	21.04.2025
ವಿಶೇಷ ಸೂಚನೆ: ಮುಂದಿನ ಎಲ್ಲಾ ಬದಲಾವಣೆಗಳು/ತಿದ್ದುಪಡಿಗಳನ್ನು ಕರ್ನಾಟಕ ಸರ್ಕಾರದ ಕೆಪಿಪಿ ಪೋರ್ಟಲ್‌ನಲ್ಲಿ ಮಾತ್ರ ಪ್ರಕಟಿಸಲಾಗುವುದು.
ಸಹಿ/- ಕಾರ್ಯಪಾಲಕ ಅಭಿಯಂತರರು, ನೀರಸರಬರಾಜು (ಪಶ್ಚಿಮ) ವಿಭಾಗ ಮೈಸೂರು ಮಹಾನಗರ ಪಾಲಿಕೆ, ಮೈಸೂರು
DIPR-OD-MYS/054/KSMCA-06/2025-26
Hosadigantha kannada daily Printed & Published by P.S. Prakash on behalf of Jnanabharathi Prakashana Limited. Printed at Diganth Mudrana, New Thirthahalli Road, Shivamogga - 577201
and Published at 'Madhura Nilaya', 4th Cross, Durgigudi, Park Extension, Shivamogga 577202. Ph: (08182) 401752, 8861209076. Editor : P.S. Prakash, Group Editor : Vinayak S. Bhat.
